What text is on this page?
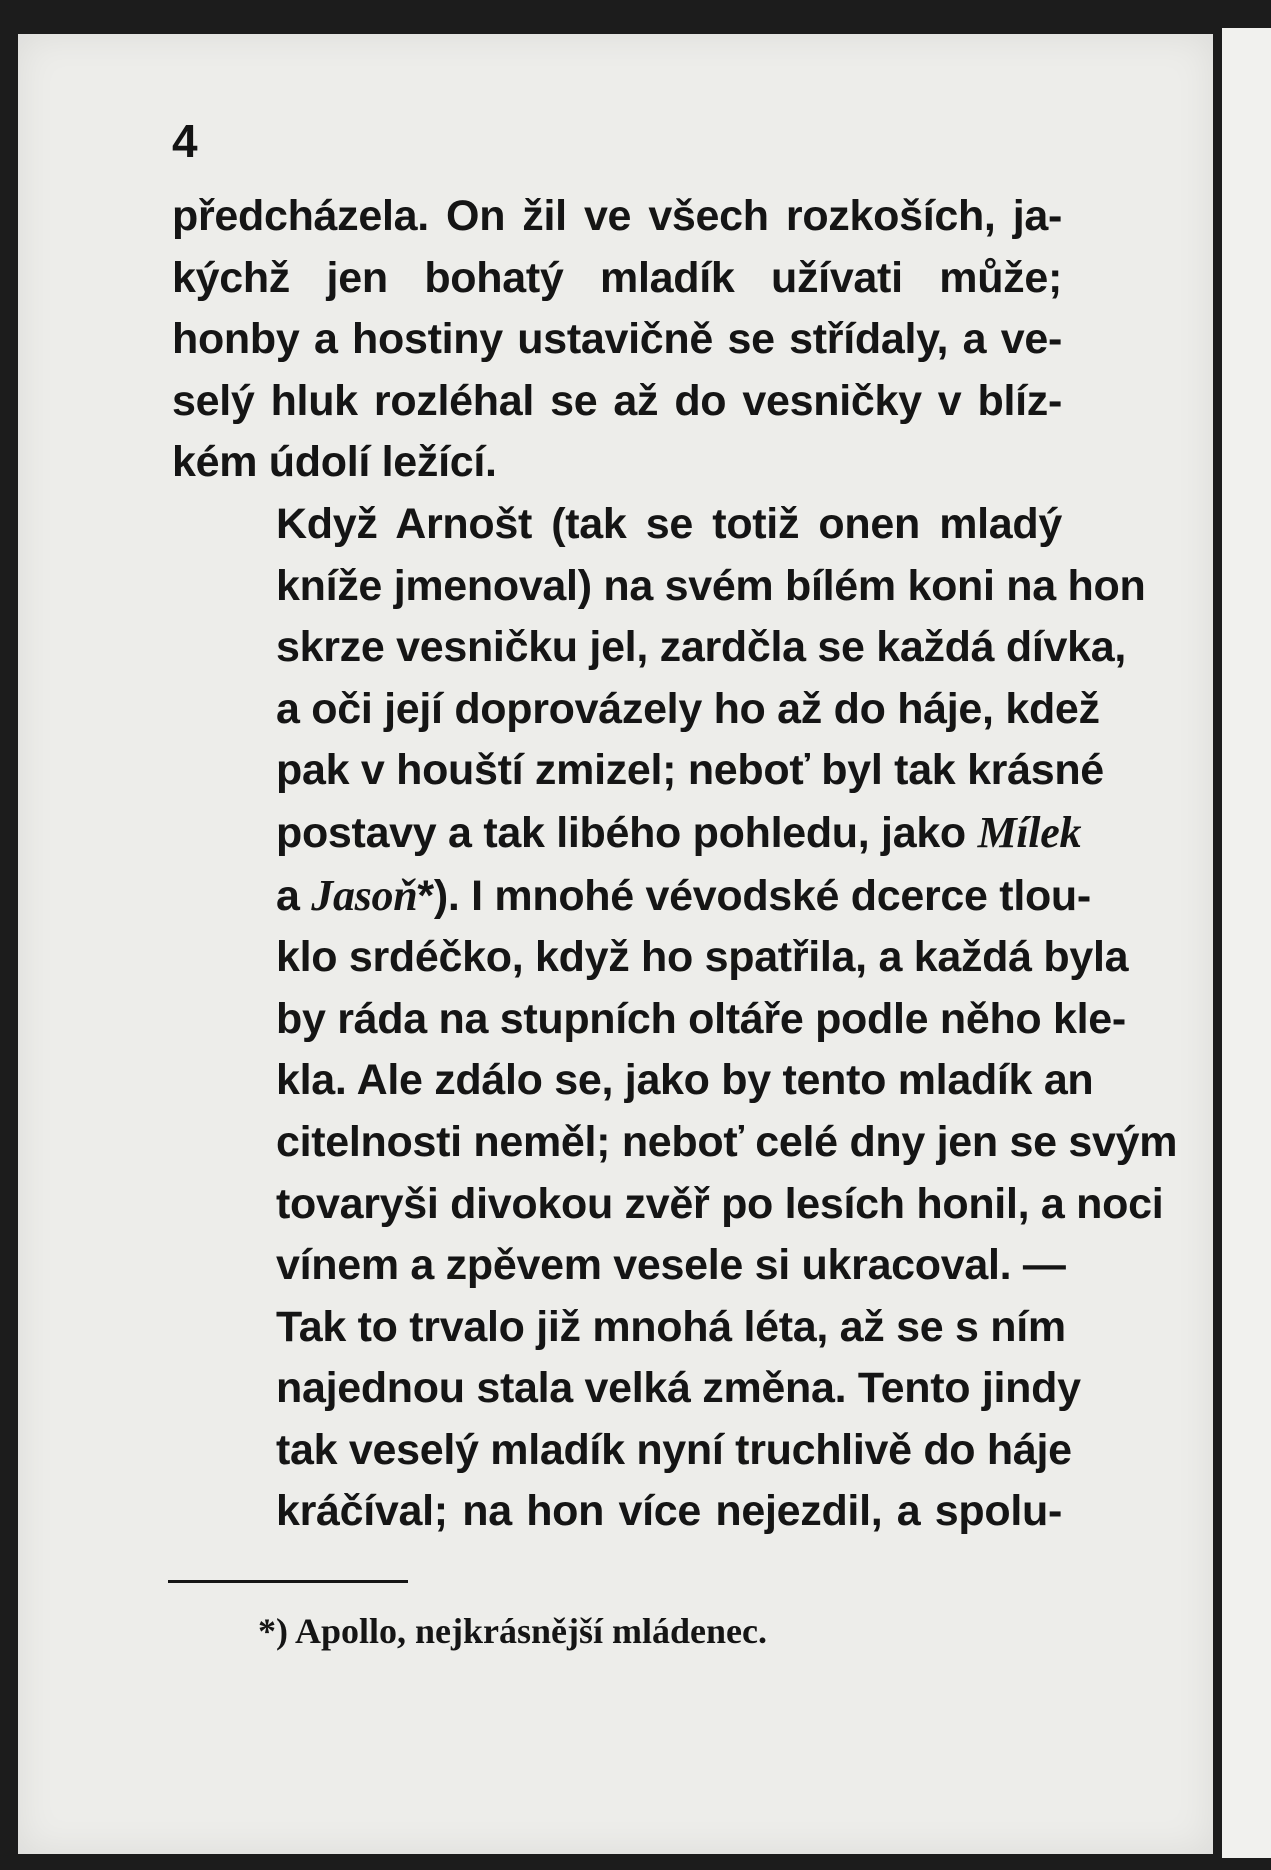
4

předcházela. On žil ve všech rozkoších, ja-
kýchž jen bohatý mladík užívati může;
honby a hostiny ustavičně se střídaly, a ve-
selý hluk rozléhal se až do vesničky v blíz-
kém údolí ležící.
Když Arnošt (tak se totiž onen mladý
kníže jmenoval) na svém bílém koni na hon
skrze vesničku jel, zardčla se každá dívka,
a oči její doprovázely ho až do háje, kdež
pak v houští zmizel; neboť byl tak krásné
postavy a tak libého pohledu, jako Mílek
a Jasoň*). I mnohé vévodské dcerce tlou-
klo srdéčko, když ho spatřila, a každá byla
by ráda na stupních oltáře podle něho kle-
kla. Ale zdálo se, jako by tento mladík an
citelnosti neměl; neboť celé dny jen se svým
tovaryši divokou zvěř po lesích honil, a noci
vínem a zpěvem vesele si ukracoval. —
Tak to trvalo již mnohá léta, až se s ním
najednou stala velká změna. Tento jindy
tak veselý mladík nyní truchlivě do háje
kráčíval; na hon více nejezdil, a spolu-

*) Apollo, nejkrásnější mládenec.
